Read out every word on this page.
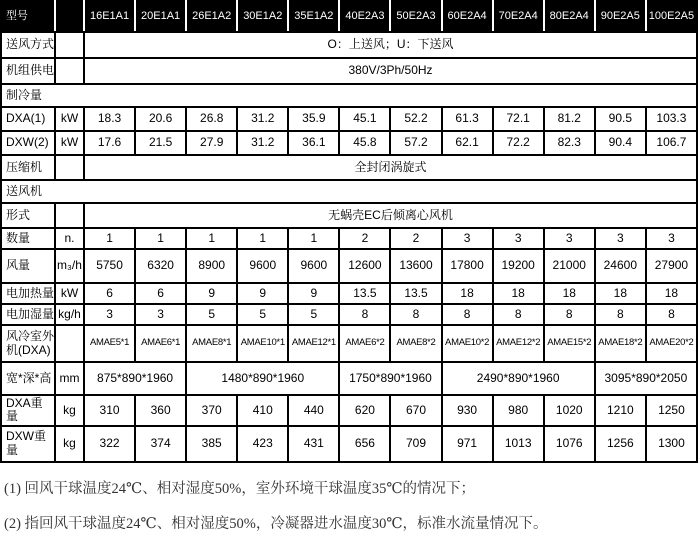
型号		16E1A1	20E1A1	26E1A2	30E1A2	35E1A2	40E2A3	50E2A3	60E2A4	70E2A4	80E2A4	90E2A5	100E2A5
送风方式		O：上送风；U：下送风											
机组供电		380V/3Ph/50Hz											
制冷量													
DXA(1)	kW	18.3	20.6	26.8	31.2	35.9	45.1	52.2	61.3	72.1	81.2	90.5	103.3
DXW(2)	kW	17.6	21.5	27.9	31.2	36.1	45.8	57.2	62.1	72.2	82.3	90.4	106.7
压缩机		全封闭涡旋式											
送风机													
形式		无蜗壳EC后倾离心风机											
数量	n.	1	1	1	1	1	2	2	3	3	3	3	3
风量	m₃/h	5750	6320	8900	9600	9600	12600	13600	17800	19200	21000	24600	27900
电加热量	kW	6	6	9	9	9	13.5	13.5	18	18	18	18	18
电加湿量	kg/h	3	3	5	5	5	8	8	8	8	8	8	8
风冷室外机(DXA)		AMAE5*1	AMAE6*1	AMAE8*1	AMAE10*1	AMAE12*1	AMAE6*2	AMAE8*2	AMAE10*2	AMAE12*2	AMAE15*2	AMAE18*2	AMAE20*2
宽*深*高	mm	875*890*1960		1480*890*1960			1750*890*1960		2490*890*1960			3095*890*2050	
DXA重量	kg	310	360	370	410	440	620	670	930	980	1020	1210	1250
DXW重量	kg	322	374	385	423	431	656	709	971	1013	1076	1256	1300
(1) 回风干球温度24℃、相对湿度50%，室外环境干球温度35℃的情况下；
(2) 指回风干球温度24℃、相对湿度50%，冷凝器进水温度30℃，标准水流量情况下。
